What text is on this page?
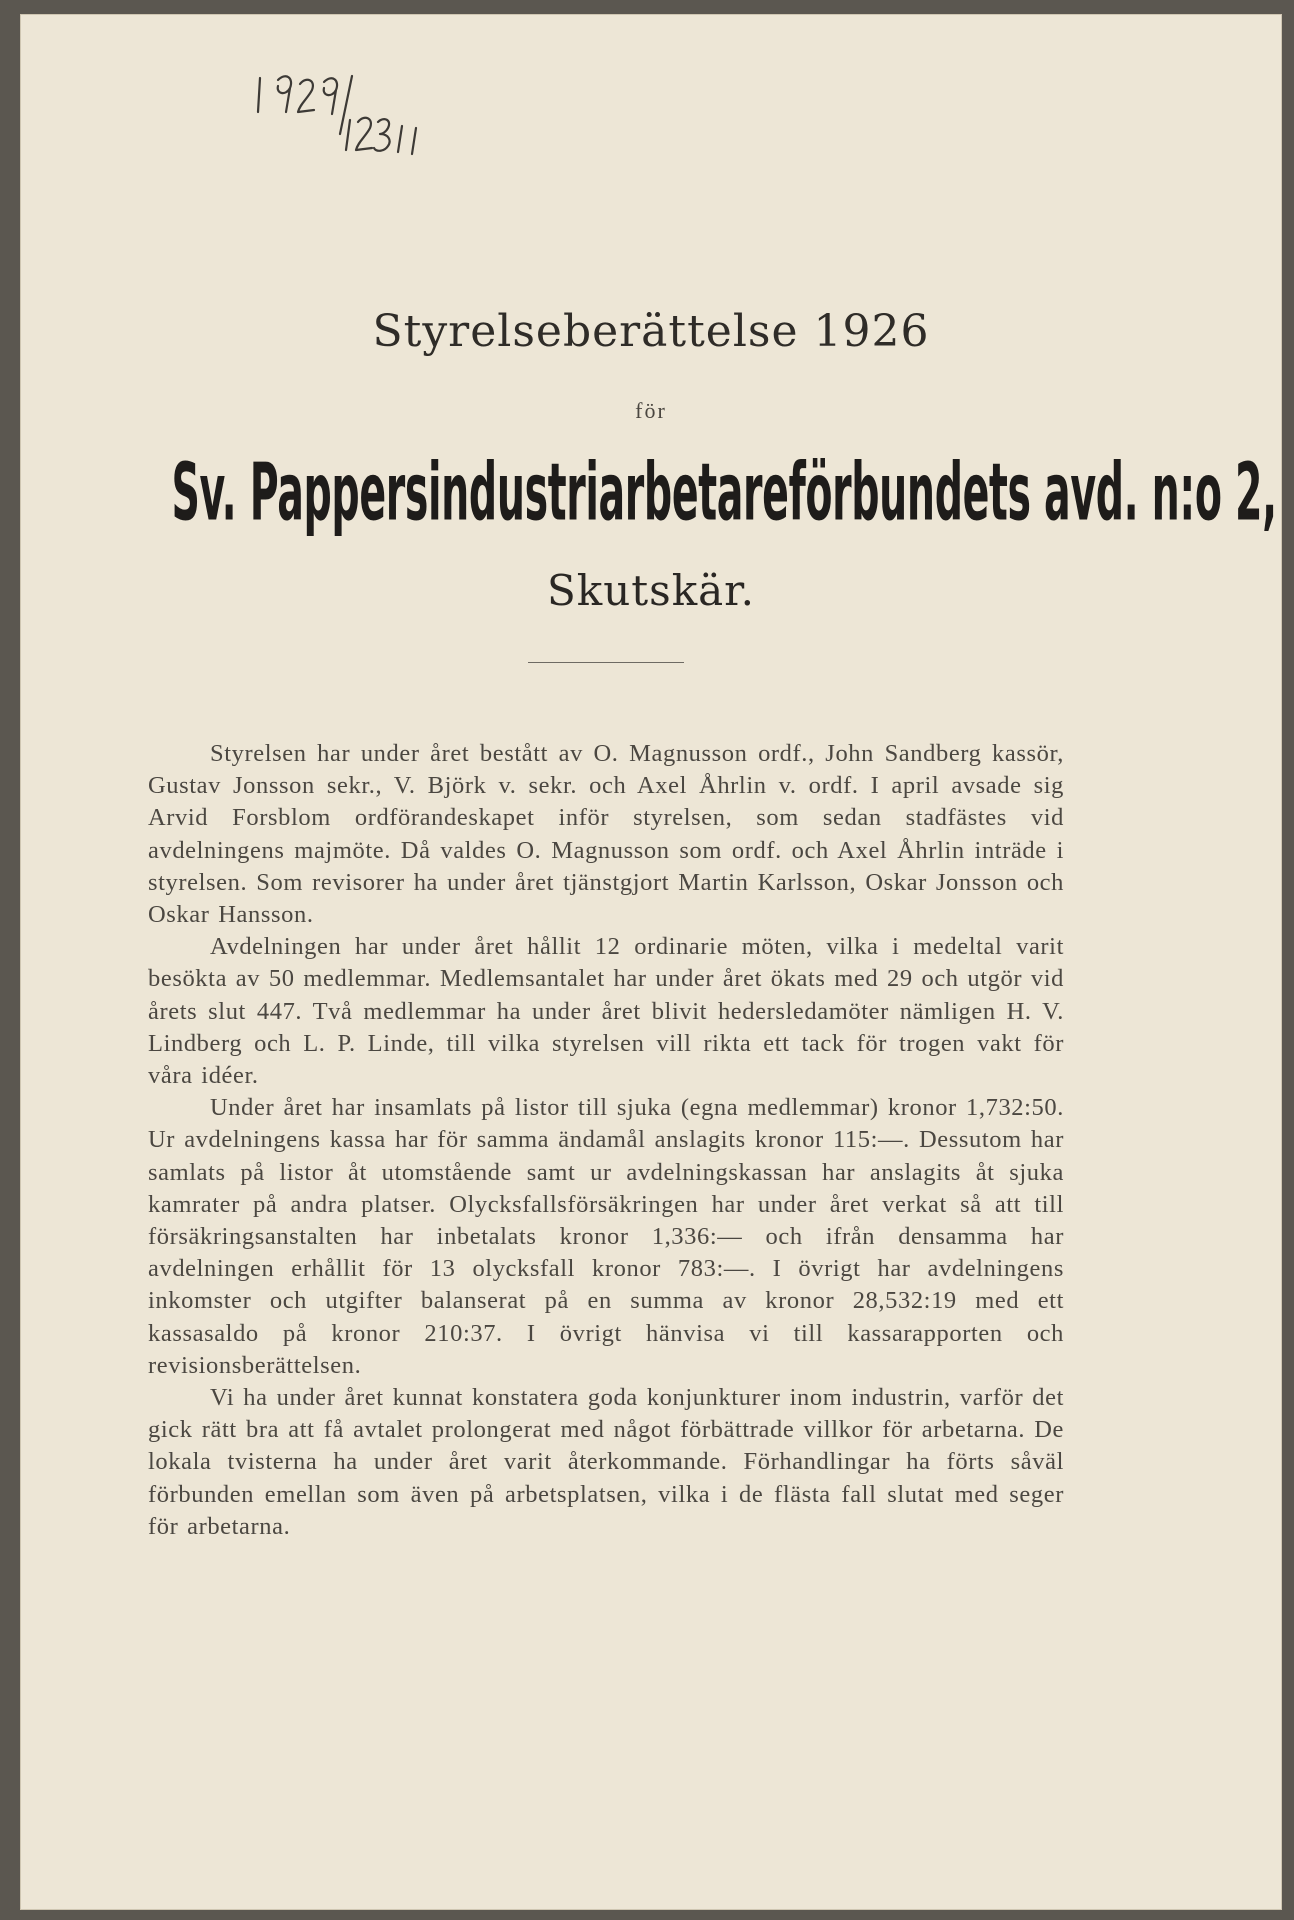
Styrelseberättelse 1926
för
Sv. Pappersindustriarbetareförbundets avd. n:o 2,
Skutskär.

Styrelsen har under året bestått av O. Magnusson ordf., John Sandberg kassör, Gustav Jonsson sekr., V. Björk v. sekr. och Axel Åhrlin v. ordf. I april avsade sig Arvid Forsblom ordförandeskapet inför styrelsen, som sedan stadfästes vid avdelningens majmöte. Då valdes O. Magnusson som ordf. och Axel Åhrlin inträde i styrelsen. Som revisorer ha under året tjänstgjort Martin Karlsson, Oskar Jonsson och Oskar Hansson.

Avdelningen har under året hållit 12 ordinarie möten, vilka i medeltal varit besökta av 50 medlemmar. Medlemsantalet har under året ökats med 29 och utgör vid årets slut 447. Två medlemmar ha under året blivit hedersledamöter nämligen H. V. Lindberg och L. P. Linde, till vilka styrelsen vill rikta ett tack för trogen vakt för våra idéer.

Under året har insamlats på listor till sjuka (egna medlemmar) kronor 1,732:50. Ur avdelningens kassa har för samma ändamål anslagits kronor 115:—. Dessutom har samlats på listor åt utomstående samt ur avdelningskassan har anslagits åt sjuka kamrater på andra platser. Olycksfallsförsäkringen har under året verkat så att till försäkringsanstalten har inbetalats kronor 1,336:— och ifrån densamma har avdelningen erhållit för 13 olycksfall kronor 783:—. I övrigt har avdelningens inkomster och utgifter balanserat på en summa av kronor 28,532:19 med ett kassasaldo på kronor 210:37. I övrigt hänvisa vi till kassarapporten och revisionsberättelsen.

Vi ha under året kunnat konstatera goda konjunkturer inom industrin, varför det gick rätt bra att få avtalet prolongerat med något förbättrade villkor för arbetarna. De lokala tvisterna ha under året varit återkommande. Förhandlingar ha förts såväl förbunden emellan som även på arbetsplatsen, vilka i de flästa fall slutat med seger för arbetarna.
